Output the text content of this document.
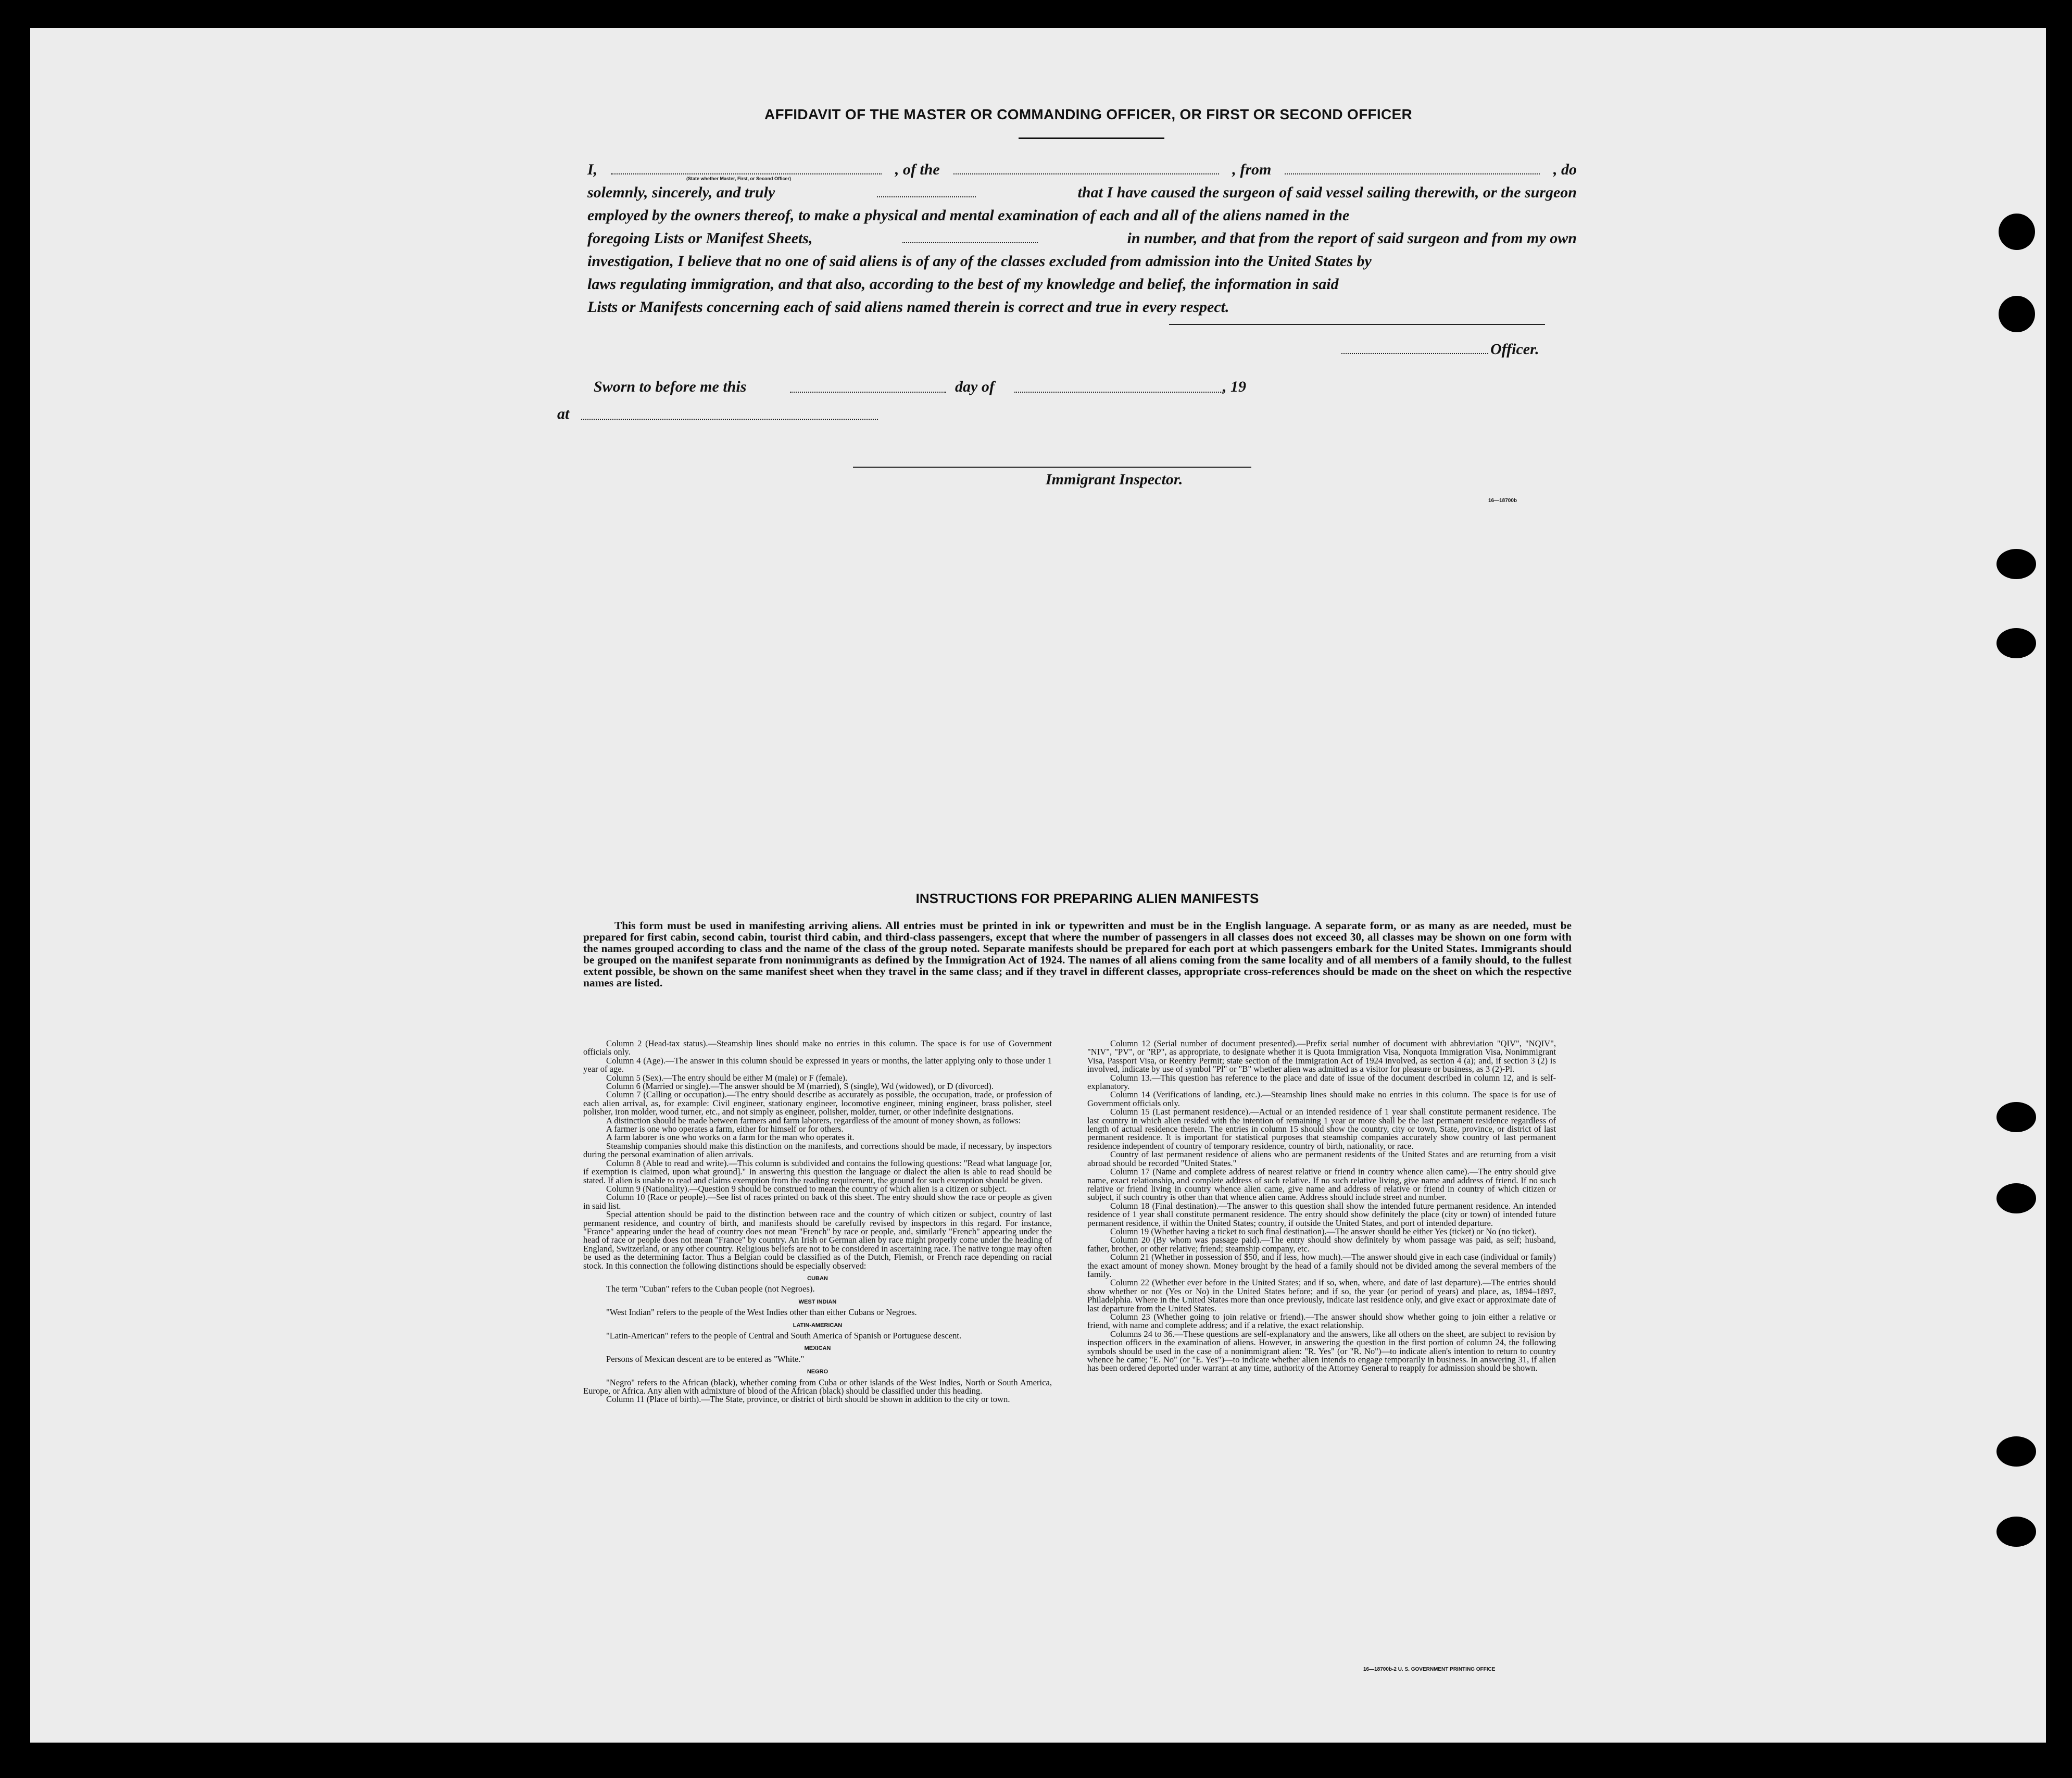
AFFIDAVIT OF THE MASTER OR COMMANDING OFFICER, OR FIRST OR SECOND OFFICER
I,	, of the	, from	, do
solemnly, sincerely, and truly	that I have caused the surgeon of said vessel sailing therewith, or the surgeon
employed by the owners thereof, to make a physical and mental examination of each and all of the aliens named in the
foregoing Lists or Manifest Sheets,	in number, and that from the report of said surgeon and from my own
investigation, I believe that no one of said aliens is of any of the classes excluded from admission into the United States by
laws regulating immigration, and that also, according to the best of my knowledge and belief, the information in said
Lists or Manifests concerning each of said aliens named therein is correct and true in every respect.
(State whether Master, First, or Second Officer)
Officer.
Sworn to before me this	day of	, 19
at
Immigrant Inspector.
16—18700b
INSTRUCTIONS FOR PREPARING ALIEN MANIFESTS

This form must be used in manifesting arriving aliens. All entries must be printed in ink or typewritten and must be in the English language. A separate form, or as many as are needed, must be prepared for first cabin, second cabin, tourist third cabin, and third-class passengers, except that where the number of passengers in all classes does not exceed 30, all classes may be shown on one form with the names grouped according to class and the name of the class of the group noted. Separate manifests should be prepared for each port at which passengers embark for the United States. Immigrants should be grouped on the manifest separate from nonimmigrants as defined by the Immigration Act of 1924. The names of all aliens coming from the same locality and of all members of a family should, to the fullest extent possible, be shown on the same manifest sheet when they travel in the same class; and if they travel in different classes, appropriate cross-references should be made on the sheet on which the respective names are listed.

Column 2 (Head-tax status).—Steamship lines should make no entries in this column. The space is for use of Government officials only.

Column 4 (Age).—The answer in this column should be expressed in years or months, the latter applying only to those under 1 year of age.

Column 5 (Sex).—The entry should be either M (male) or F (female).

Column 6 (Married or single).—The answer should be M (married), S (single), Wd (widowed), or D (divorced).

Column 7 (Calling or occupation).—The entry should describe as accurately as possible, the occupation, trade, or profession of each alien arrival, as, for example: Civil engineer, stationary engineer, locomotive engineer, mining engineer, brass polisher, steel polisher, iron molder, wood turner, etc., and not simply as engineer, polisher, molder, turner, or other indefinite designations.

A distinction should be made between farmers and farm laborers, regardless of the amount of money shown, as follows:

A farmer is one who operates a farm, either for himself or for others.

A farm laborer is one who works on a farm for the man who operates it.

Steamship companies should make this distinction on the manifests, and corrections should be made, if necessary, by inspectors during the personal examination of alien arrivals.

Column 8 (Able to read and write).—This column is subdivided and contains the following questions: "Read what language [or, if exemption is claimed, upon what ground]." In answering this question the language or dialect the alien is able to read should be stated. If alien is unable to read and claims exemption from the reading requirement, the ground for such exemption should be given.

Column 9 (Nationality).—Question 9 should be construed to mean the country of which alien is a citizen or subject.

Column 10 (Race or people).—See list of races printed on back of this sheet. The entry should show the race or people as given in said list.

Special attention should be paid to the distinction between race and the country of which citizen or subject, country of last permanent residence, and country of birth, and manifests should be carefully revised by inspectors in this regard. For instance, "France" appearing under the head of country does not mean "French" by race or people, and, similarly "French" appearing under the head of race or people does not mean "France" by country. An Irish or German alien by race might properly come under the heading of England, Switzerland, or any other country. Religious beliefs are not to be considered in ascertaining race. The native tongue may often be used as the determining factor. Thus a Belgian could be classified as of the Dutch, Flemish, or French race depending on racial stock. In this connection the following distinctions should be especially observed:

CUBAN

The term "Cuban" refers to the Cuban people (not Negroes).

WEST INDIAN

"West Indian" refers to the people of the West Indies other than either Cubans or Negroes.

LATIN-AMERICAN

"Latin-American" refers to the people of Central and South America of Spanish or Portuguese descent.

MEXICAN

Persons of Mexican descent are to be entered as "White."

NEGRO

"Negro" refers to the African (black), whether coming from Cuba or other islands of the West Indies, North or South America, Europe, or Africa. Any alien with admixture of blood of the African (black) should be classified under this heading.

Column 11 (Place of birth).—The State, province, or district of birth should be shown in addition to the city or town.

Column 12 (Serial number of document presented).—Prefix serial number of document with abbreviation "QIV", "NQIV", "NIV", "PV", or "RP", as appropriate, to designate whether it is Quota Immigration Visa, Nonquota Immigration Visa, Nonimmigrant Visa, Passport Visa, or Reentry Permit; state section of the Immigration Act of 1924 involved, as section 4 (a); and, if section 3 (2) is involved, indicate by use of symbol "Pl" or "B" whether alien was admitted as a visitor for pleasure or business, as 3 (2)-Pl.

Column 13.—This question has reference to the place and date of issue of the document described in column 12, and is self-explanatory.

Column 14 (Verifications of landing, etc.).—Steamship lines should make no entries in this column. The space is for use of Government officials only.

Column 15 (Last permanent residence).—Actual or an intended residence of 1 year shall constitute permanent residence. The last country in which alien resided with the intention of remaining 1 year or more shall be the last permanent residence regardless of length of actual residence therein. The entries in column 15 should show the country, city or town, State, province, or district of last permanent residence. It is important for statistical purposes that steamship companies accurately show country of last permanent residence independent of country of temporary residence, country of birth, nationality, or race.

Country of last permanent residence of aliens who are permanent residents of the United States and are returning from a visit abroad should be recorded "United States."

Column 17 (Name and complete address of nearest relative or friend in country whence alien came).—The entry should give name, exact relationship, and complete address of such relative. If no such relative living, give name and address of friend. If no such relative or friend living in country whence alien came, give name and address of relative or friend in country of which citizen or subject, if such country is other than that whence alien came. Address should include street and number.

Column 18 (Final destination).—The answer to this question shall show the intended future permanent residence. An intended residence of 1 year shall constitute permanent residence. The entry should show definitely the place (city or town) of intended future permanent residence, if within the United States; country, if outside the United States, and port of intended departure.

Column 19 (Whether having a ticket to such final destination).—The answer should be either Yes (ticket) or No (no ticket).

Column 20 (By whom was passage paid).—The entry should show definitely by whom passage was paid, as self; husband, father, brother, or other relative; friend; steamship company, etc.

Column 21 (Whether in possession of $50, and if less, how much).—The answer should give in each case (individual or family) the exact amount of money shown. Money brought by the head of a family should not be divided among the several members of the family.

Column 22 (Whether ever before in the United States; and if so, when, where, and date of last departure).—The entries should show whether or not (Yes or No) in the United States before; and if so, the year (or period of years) and place, as, 1894–1897, Philadelphia. Where in the United States more than once previously, indicate last residence only, and give exact or approximate date of last departure from the United States.

Column 23 (Whether going to join relative or friend).—The answer should show whether going to join either a relative or friend, with name and complete address; and if a relative, the exact relationship.

Columns 24 to 36.—These questions are self-explanatory and the answers, like all others on the sheet, are subject to revision by inspection officers in the examination of aliens. However, in answering the question in the first portion of column 24, the following symbols should be used in the case of a nonimmigrant alien: "R. Yes" (or "R. No")—to indicate alien's intention to return to country whence he came; "E. No" (or "E. Yes")—to indicate whether alien intends to engage temporarily in business. In answering 31, if alien has been ordered deported under warrant at any time, authority of the Attorney General to reapply for admission should be shown.

16—18700b-2 U. S. GOVERNMENT PRINTING OFFICE
